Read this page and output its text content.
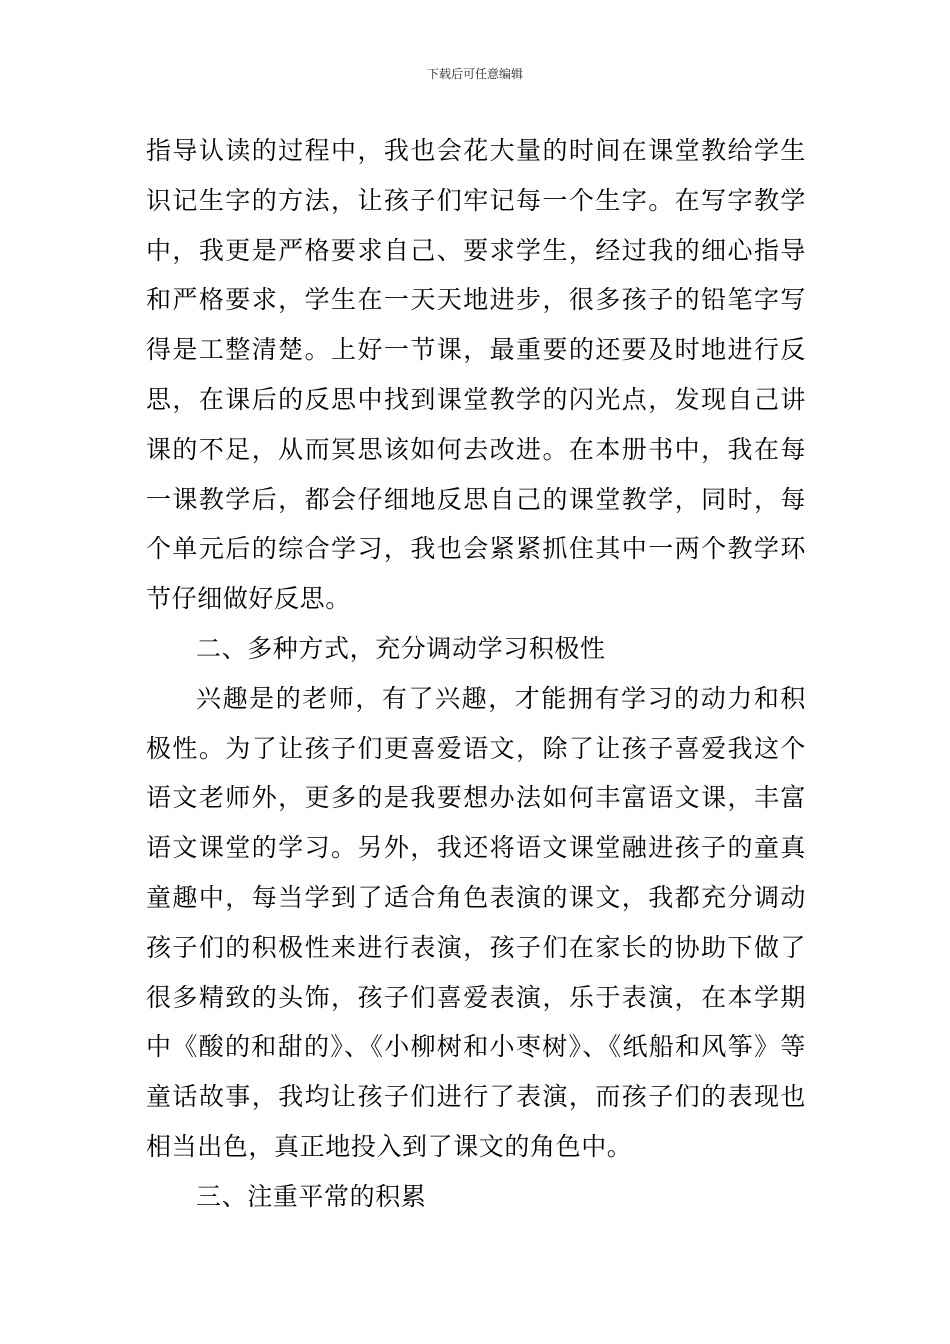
下载后可任意编辑

指导认读的过程中，我也会花大量的时间在课堂教给学生识记生字的方法，让孩子们牢记每一个生字。在写字教学中，我更是严格要求自己、要求学生，经过我的细心指导和严格要求，学生在一天天地进步，很多孩子的铅笔字写得是工整清楚。上好一节课，最重要的还要及时地进行反思，在课后的反思中找到课堂教学的闪光点，发现自己讲课的不足，从而冥思该如何去改进。在本册书中，我在每一课教学后，都会仔细地反思自己的课堂教学，同时，每个单元后的综合学习，我也会紧紧抓住其中一两个教学环节仔细做好反思。

二、多种方式，充分调动学习积极性

兴趣是的老师，有了兴趣，才能拥有学习的动力和积极性。为了让孩子们更喜爱语文，除了让孩子喜爱我这个语文老师外，更多的是我要想办法如何丰富语文课，丰富语文课堂的学习。另外，我还将语文课堂融进孩子的童真童趣中，每当学到了适合角色表演的课文，我都充分调动孩子们的积极性来进行表演，孩子们在家长的协助下做了很多精致的头饰，孩子们喜爱表演，乐于表演，在本学期中《酸的和甜的》、《小柳树和小枣树》、《纸船和风筝》等童话故事，我均让孩子们进行了表演，而孩子们的表现也相当出色，真正地投入到了课文的角色中。

三、注重平常的积累
